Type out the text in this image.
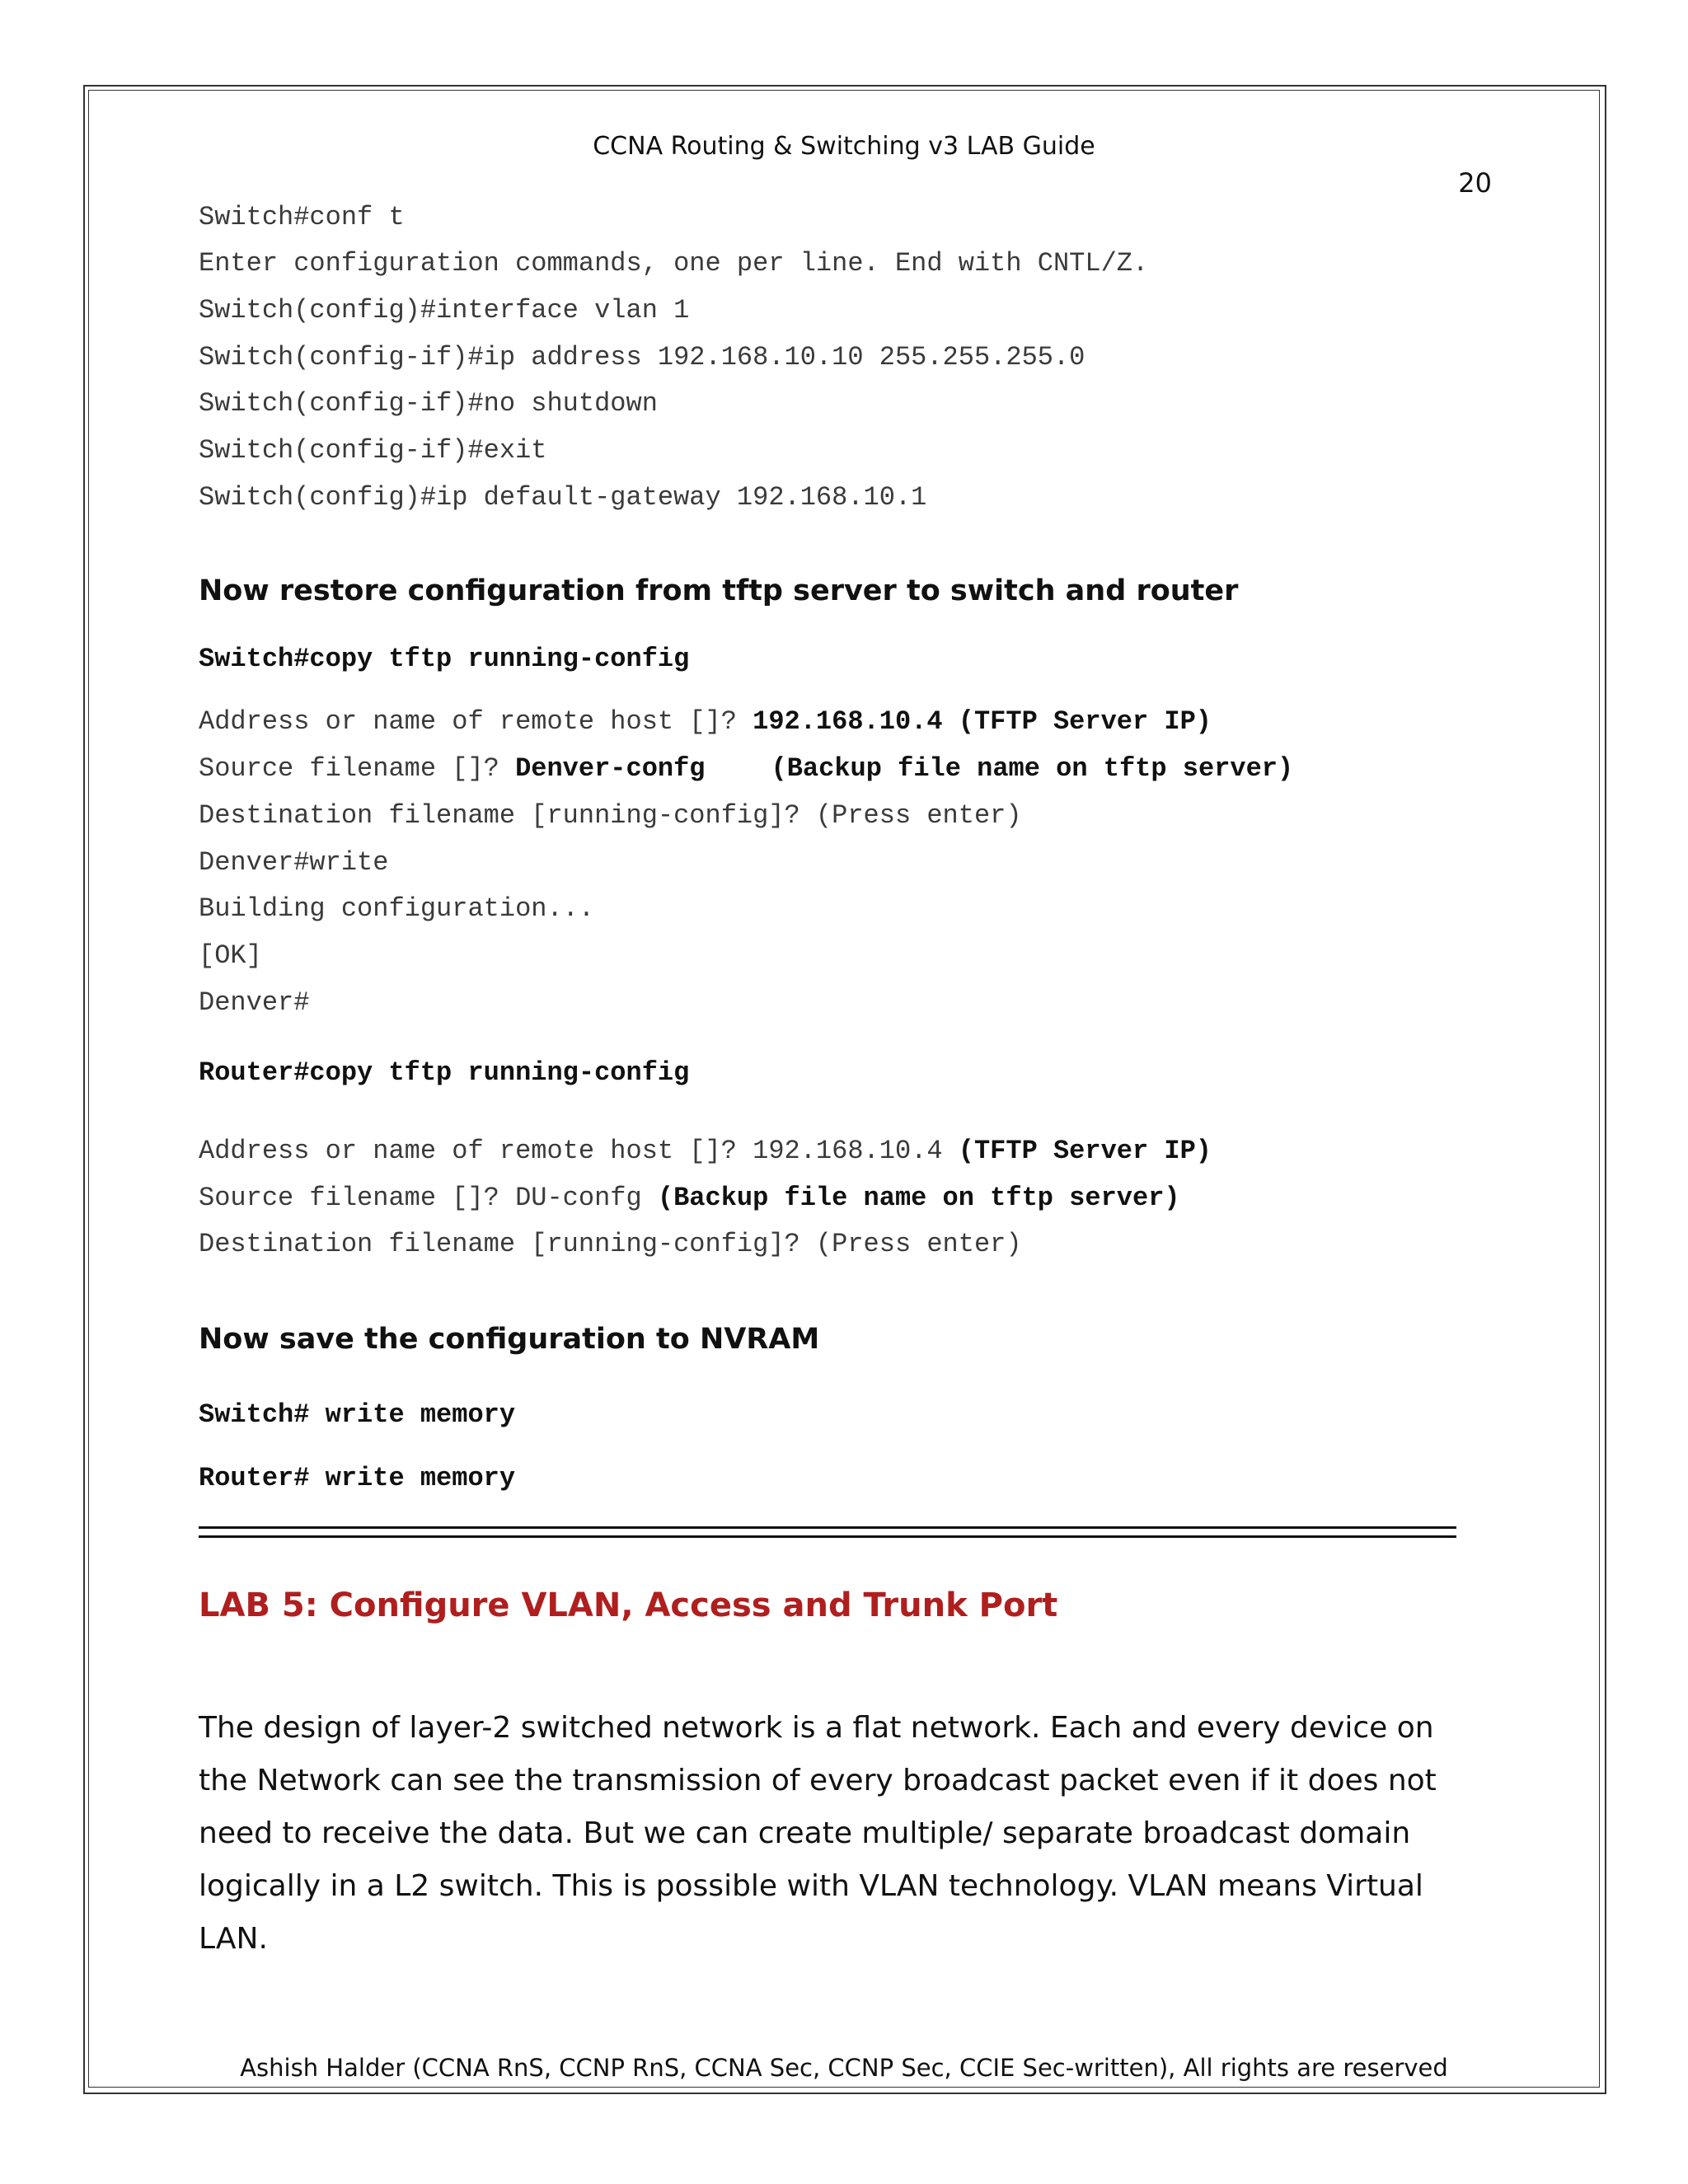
CCNA Routing & Switching v3 LAB Guide
20
Switch#conf t
Enter configuration commands, one per line. End with CNTL/Z.
Switch(config)#interface vlan 1
Switch(config-if)#ip address 192.168.10.10 255.255.255.0
Switch(config-if)#no shutdown
Switch(config-if)#exit
Switch(config)#ip default-gateway 192.168.10.1
Now restore configuration from tftp server to switch and router
Switch#copy tftp running-config
Address or name of remote host []? 192.168.10.4 (TFTP Server IP)
Source filename []? Denver-confg	(Backup file name on tftp server)
Destination filename [running-config]? (Press enter)
Denver#write
Building configuration...
[OK]
Denver#
Router#copy tftp running-config
Address or name of remote host []? 192.168.10.4 (TFTP Server IP)
Source filename []? DU-confg (Backup file name on tftp server)
Destination filename [running-config]? (Press enter)
Now save the configuration to NVRAM
Switch# write memory
Router# write memory
LAB 5: Configure VLAN, Access and Trunk Port
The design of layer-2 switched network is a flat network. Each and every device on the Network can see the transmission of every broadcast packet even if it does not need to receive the data. But we can create multiple/ separate broadcast domain logically in a L2 switch. This is possible with VLAN technology. VLAN means Virtual LAN.
Ashish Halder (CCNA RnS, CCNP RnS, CCNA Sec, CCNP Sec, CCIE Sec-written), All rights are reserved
